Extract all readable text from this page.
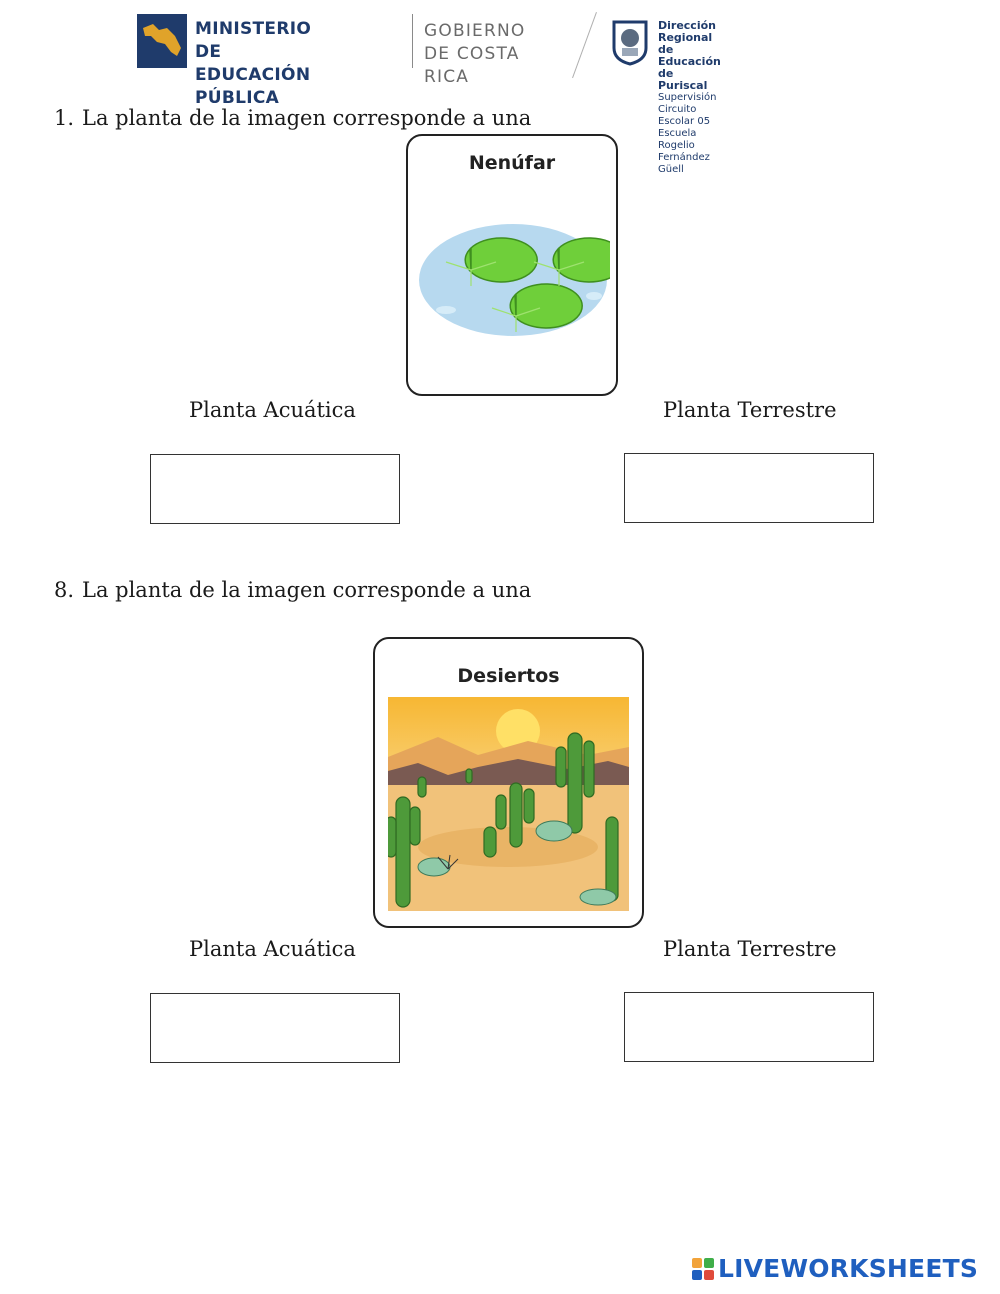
MINISTERIO DE
EDUCACIÓN PÚBLICA
GOBIERNO
DE COSTA RICA
Dirección Regional de Educación de Puriscal
Supervisión Circuito Escolar 05
Escuela Rogelio Fernández Güell
1. La planta de la imagen corresponde a una
Nenúfar
Planta Acuática	Planta Terrestre
8. La planta de la imagen corresponde a una
Desiertos
Planta Acuática	Planta Terrestre
LIVEWORKSHEETS
